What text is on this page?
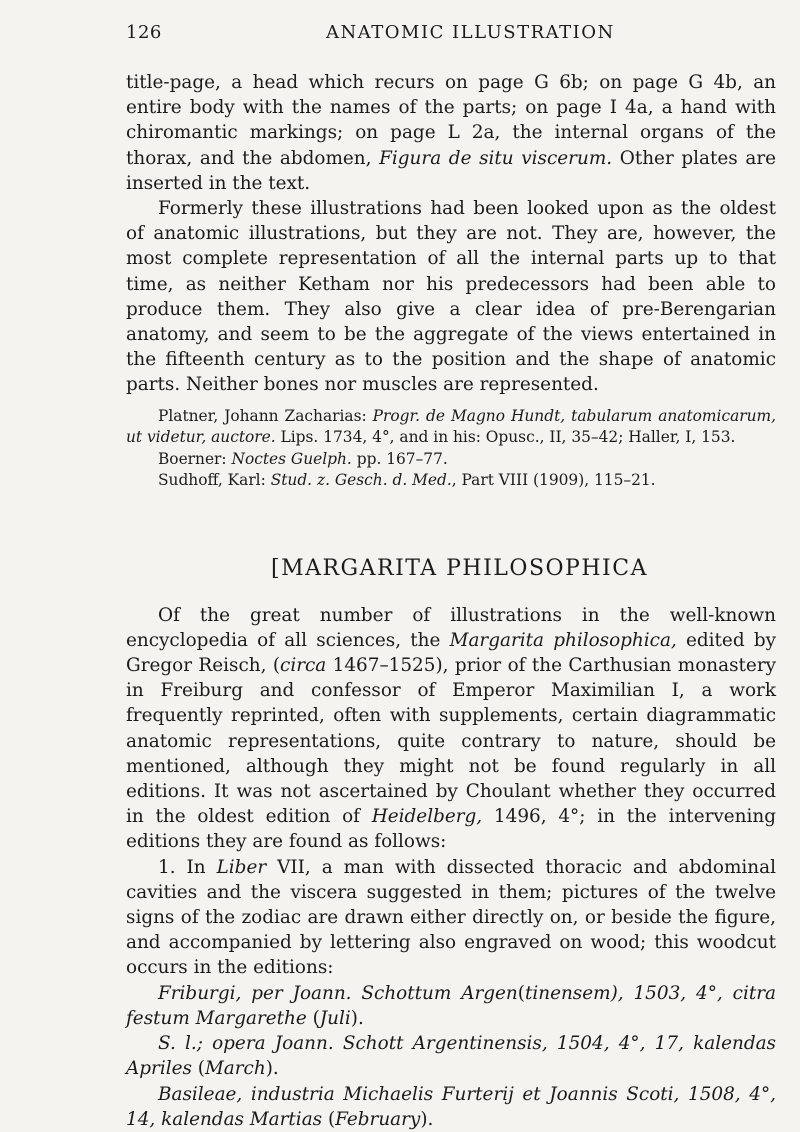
126	ANATOMIC ILLUSTRATION

title-page, a head which recurs on page G 6b; on page G 4b, an entire body with the names of the parts; on page I 4a, a hand with chiromantic markings; on page L 2a, the internal organs of the thorax, and the abdomen, Figura de situ viscerum. Other plates are inserted in the text.

Formerly these illustrations had been looked upon as the oldest of anatomic illustrations, but they are not. They are, however, the most complete representation of all the internal parts up to that time, as neither Ketham nor his predecessors had been able to produce them. They also give a clear idea of pre-Berengarian anatomy, and seem to be the aggregate of the views entertained in the fifteenth century as to the position and the shape of anatomic parts. Neither bones nor muscles are represented.

Platner, Johann Zacharias: Progr. de Magno Hundt, tabularum anatomicarum, ut videtur, auctore. Lips. 1734, 4°, and in his: Opusc., II, 35–42; Haller, I, 153.

Boerner: Noctes Guelph. pp. 167–77.

Sudhoff, Karl: Stud. z. Gesch. d. Med., Part VIII (1909), 115–21.

[MARGARITA PHILOSOPHICA

Of the great number of illustrations in the well-known encyclopedia of all sciences, the Margarita philosophica, edited by Gregor Reisch, (circa 1467–1525), prior of the Carthusian monastery in Freiburg and confessor of Emperor Maximilian I, a work frequently reprinted, often with supplements, certain diagrammatic anatomic representations, quite contrary to nature, should be mentioned, although they might not be found regularly in all editions. It was not ascertained by Choulant whether they occurred in the oldest edition of Heidelberg, 1496, 4°; in the intervening editions they are found as follows:

1. In Liber VII, a man with dissected thoracic and abdominal cavities and the viscera suggested in them; pictures of the twelve signs of the zodiac are drawn either directly on, or beside the figure, and accompanied by lettering also engraved on wood; this woodcut occurs in the editions:

Friburgi, per Joann. Schottum Argen(tinensem), 1503, 4°, citra festum Margarethe (Juli).

S. l.; opera Joann. Schott Argentinensis, 1504, 4°, 17, kalendas Apriles (March).

Basileae, industria Michaelis Furterij et Joannis Scoti, 1508, 4°, 14, kalendas Martias (February).
